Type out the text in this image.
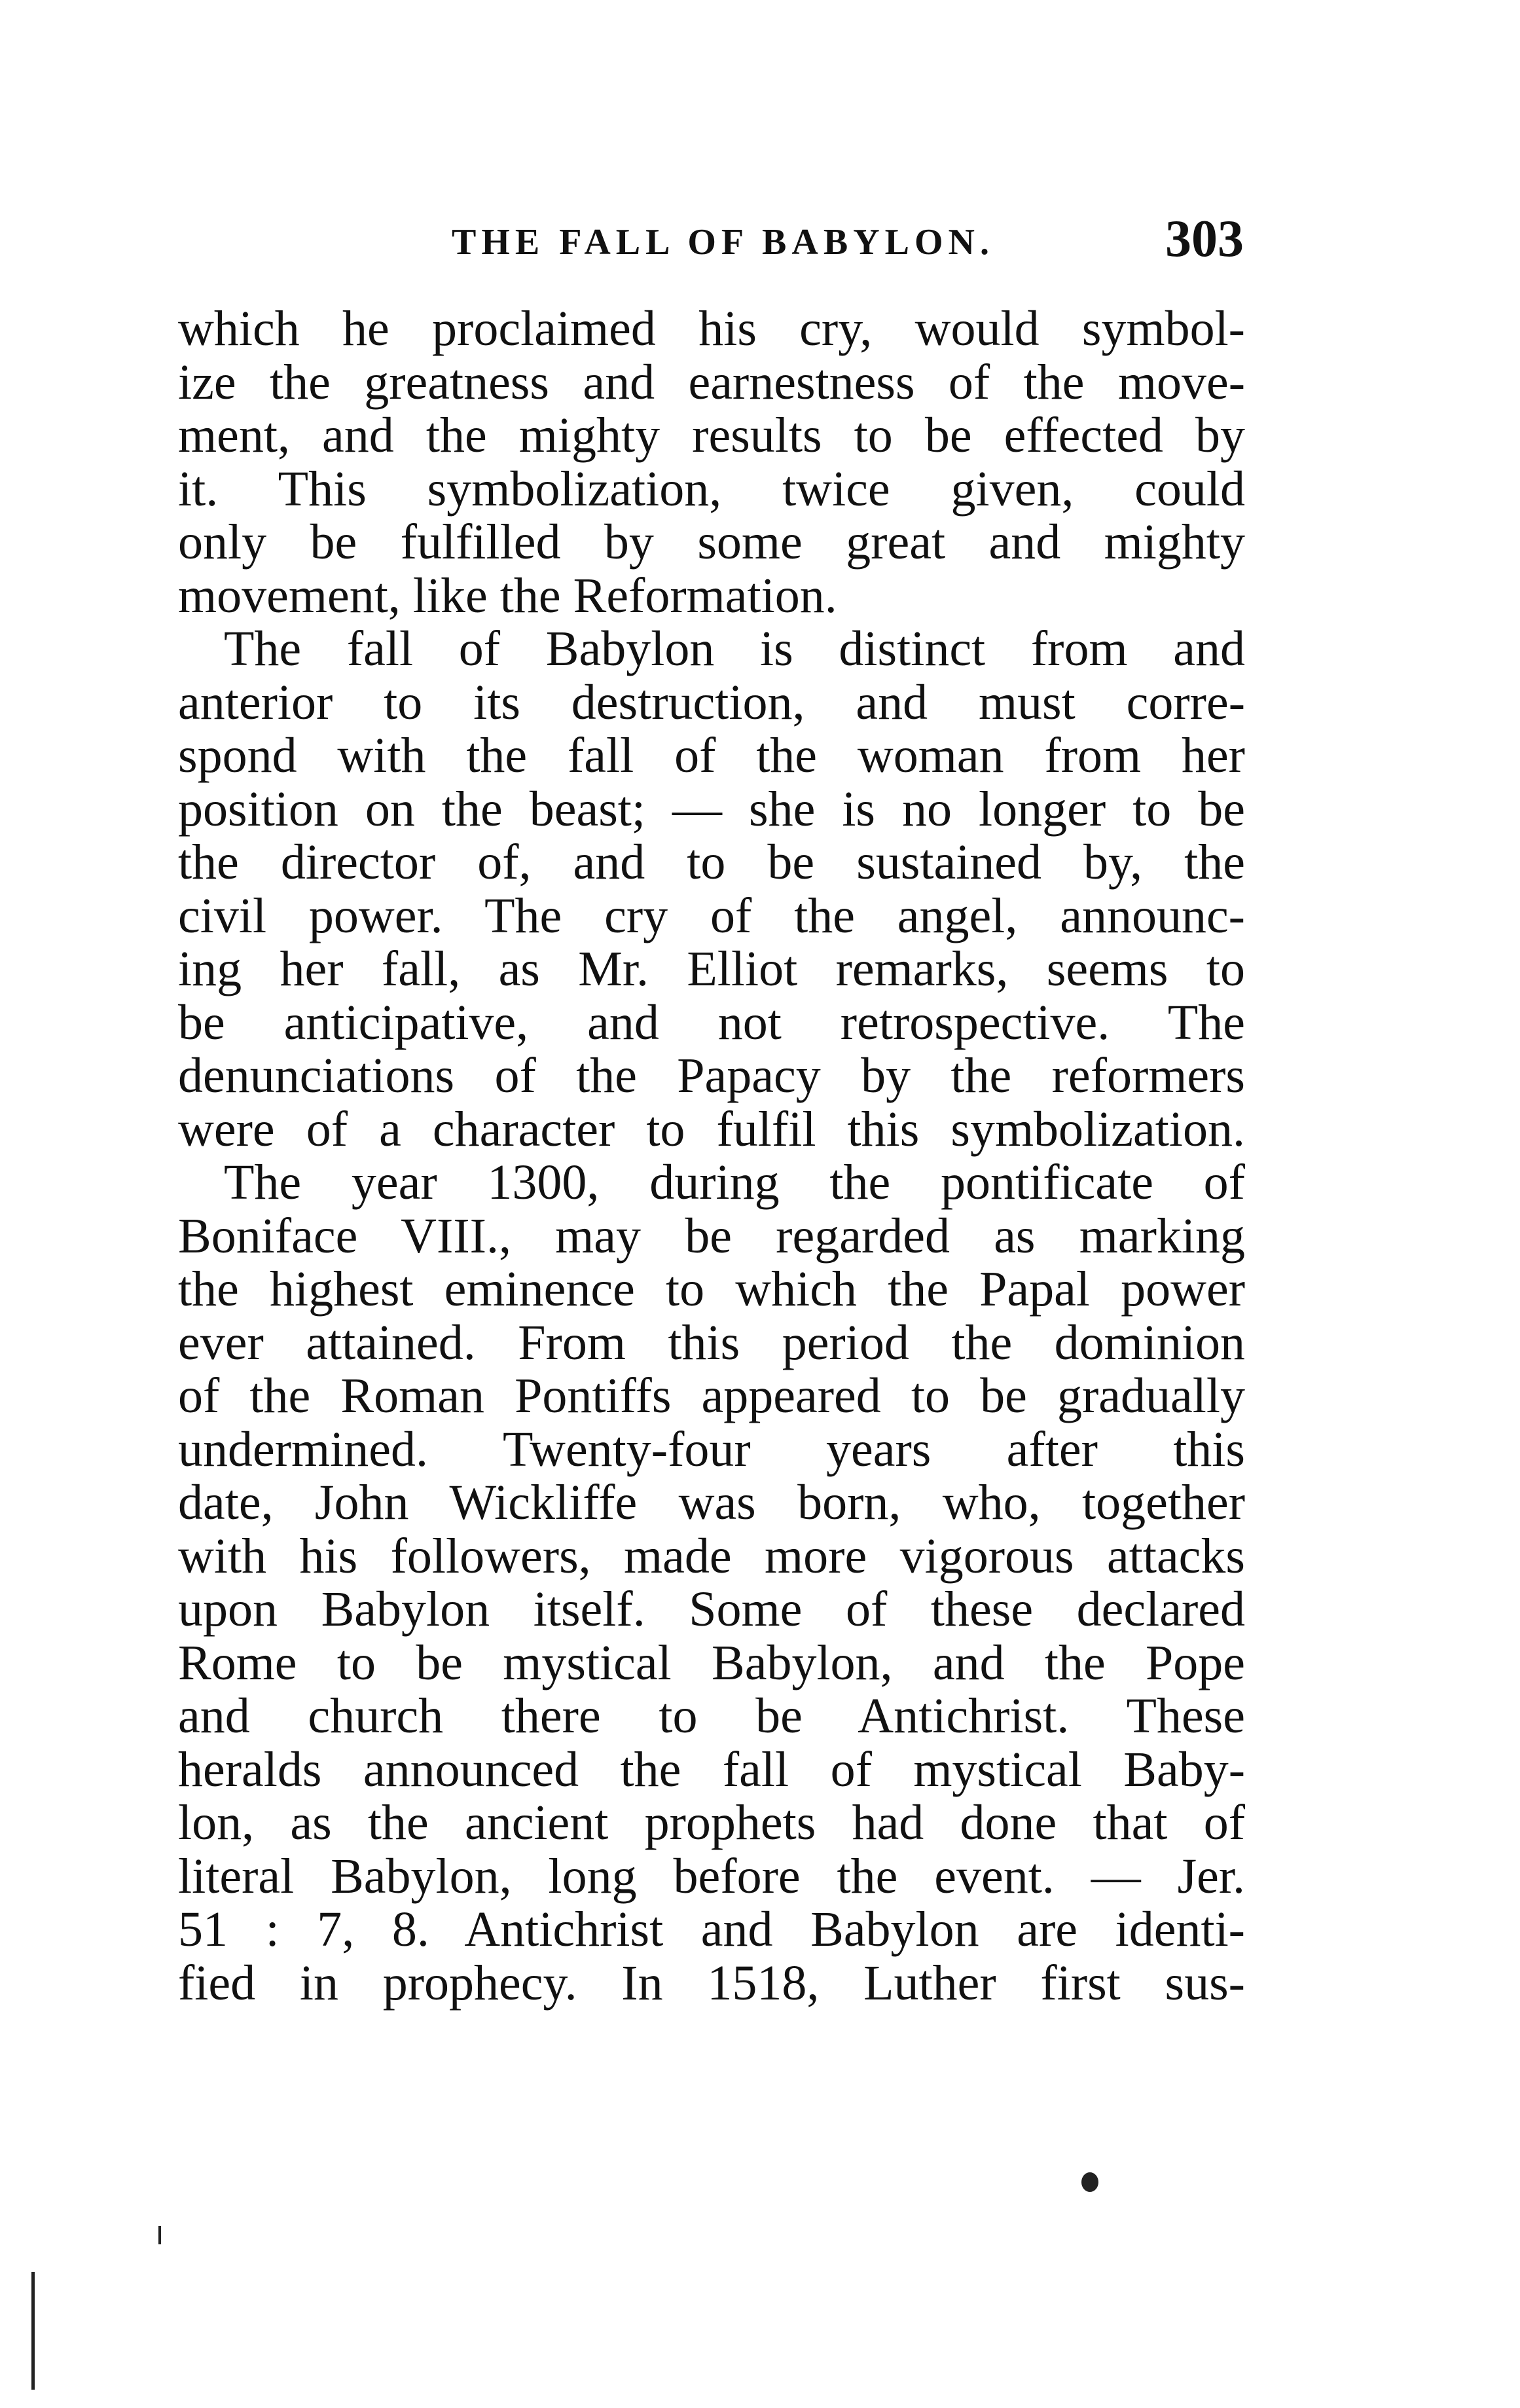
THE FALL OF BABYLON.	303
which he proclaimed his cry, would symbol-
ize the greatness and earnestness of the move-
ment, and the mighty results to be effected by
it. This symbolization, twice given, could
only be fulfilled by some great and mighty
movement, like the Reformation.
The fall of Babylon is distinct from and
anterior to its destruction, and must corre-
spond with the fall of the woman from her
position on the beast; — she is no longer to be
the director of, and to be sustained by, the
civil power. The cry of the angel, announc-
ing her fall, as Mr. Elliot remarks, seems to
be anticipative, and not retrospective. The
denunciations of the Papacy by the reformers
were of a character to fulfil this symbolization.
The year 1300, during the pontificate of
Boniface VIII., may be regarded as marking
the highest eminence to which the Papal power
ever attained. From this period the dominion
of the Roman Pontiffs appeared to be gradually
undermined. Twenty-four years after this
date, John Wickliffe was born, who, together
with his followers, made more vigorous attacks
upon Babylon itself. Some of these declared
Rome to be mystical Babylon, and the Pope
and church there to be Antichrist. These
heralds announced the fall of mystical Baby-
lon, as the ancient prophets had done that of
literal Babylon, long before the event. — Jer.
51 : 7, 8. Antichrist and Babylon are identi-
fied in prophecy. In 1518, Luther first sus-
